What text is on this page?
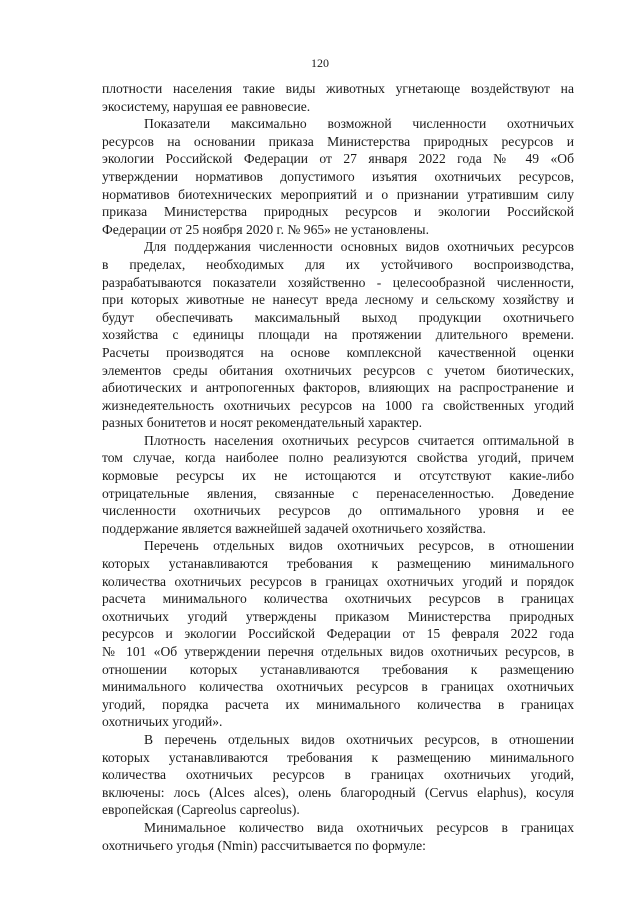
120
плотности населения такие виды животных угнетающе воздействуют на
экосистему, нарушая ее равновесие.
Показатели максимально возможной численности охотничьих
ресурсов на основании приказа Министерства природных ресурсов и
экологии Российской Федерации от 27 января 2022 года № 49 «Об
утверждении нормативов допустимого изъятия охотничьих ресурсов,
нормативов биотехнических мероприятий и о признании утратившим силу
приказа Министерства природных ресурсов и экологии Российской
Федерации от 25 ноября 2020 г. № 965» не установлены.
Для поддержания численности основных видов охотничьих ресурсов
в пределах, необходимых для их устойчивого воспроизводства,
разрабатываются показатели хозяйственно - целесообразной численности,
при которых животные не нанесут вреда лесному и сельскому хозяйству и
будут обеспечивать максимальный выход продукции охотничьего
хозяйства с единицы площади на протяжении длительного времени.
Расчеты производятся на основе комплексной качественной оценки
элементов среды обитания охотничьих ресурсов с учетом биотических,
абиотических и антропогенных факторов, влияющих на распространение и
жизнедеятельность охотничьих ресурсов на 1000 га свойственных угодий
разных бонитетов и носят рекомендательный характер.
Плотность населения охотничьих ресурсов считается оптимальной в
том случае, когда наиболее полно реализуются свойства угодий, причем
кормовые ресурсы их не истощаются и отсутствуют какие-либо
отрицательные явления, связанные с перенаселенностью. Доведение
численности охотничьих ресурсов до оптимального уровня и ее
поддержание является важнейшей задачей охотничьего хозяйства.
Перечень отдельных видов охотничьих ресурсов, в отношении
которых устанавливаются требования к размещению минимального
количества охотничьих ресурсов в границах охотничьих угодий и порядок
расчета минимального количества охотничьих ресурсов в границах
охотничьих угодий утверждены приказом Министерства природных
ресурсов и экологии Российской Федерации от 15 февраля 2022 года
№ 101 «Об утверждении перечня отдельных видов охотничьих ресурсов, в
отношении которых устанавливаются требования к размещению
минимального количества охотничьих ресурсов в границах охотничьих
угодий, порядка расчета их минимального количества в границах
охотничьих угодий».
В перечень отдельных видов охотничьих ресурсов, в отношении
которых устанавливаются требования к размещению минимального
количества охотничьих ресурсов в границах охотничьих угодий,
включены: лось (Alces alces), олень благородный (Cervus elaphus), косуля
европейская (Capreolus capreolus).
Минимальное количество вида охотничьих ресурсов в границах
охотничьего угодья (Nmin) рассчитывается по формуле:
